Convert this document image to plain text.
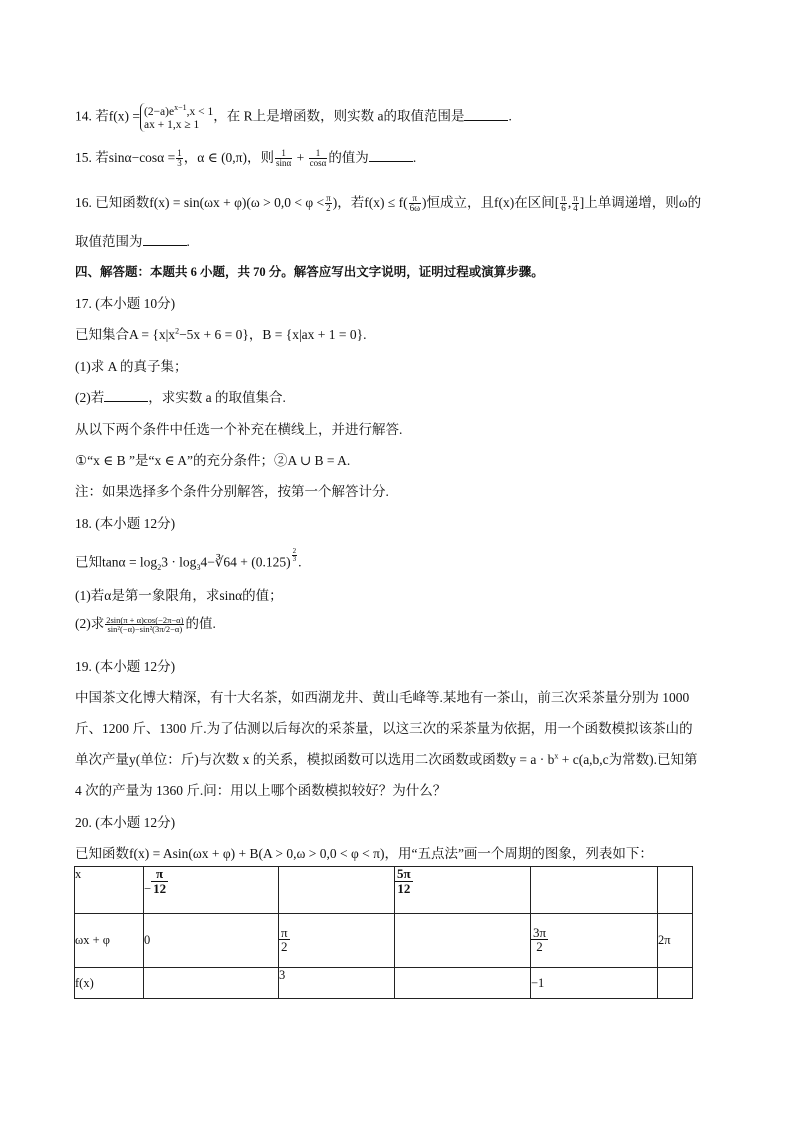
14. 若$f(x) = (2-a)e^{x-1},x < 1$
ax + 1,x ≥ 1
，在 R上是增函数，则实数 a的取值范围是	.
15. 若$\sin\alpha-\cos\alpha = \frac{1}{3}$ ，α ∈ (0,π)，则 $\frac{1}{\sin\alpha} + \frac{1}{\cos\alpha}$ 的值为	.
16. 已知函数$f(x) = \sin(\omega x + \varphi)(\omega > 0,0 < \varphi < \frac{\pi}{2}$ )，若$f(x) \le f( \frac{\pi}{6\omega}$ )恒成立，且f(x)在区间[ $\frac{\pi}{6}$ , $\frac{\pi}{4}$ ]上单调递增，则ω的
取值范围为	.
四、解答题：本题共 6 小题，共 70 分。解答应写出文字说明，证明过程或演算步骤。
17. (本小题 10分)
已知集合$A = \{x|x^2-5x + 6 = 0\}$，B = {x|ax + 1 = 0}.
(1)求 A 的真子集；
(2)若	，求实数 a 的取值集合.
从以下两个条件中任选一个补充在横线上，并进行解答.
①“x ∈ B ”是“x ∈ A”的充分条件；②A ∪ B = A.
注：如果选择多个条件分别解答，按第一个解答计分.
18. (本小题 12分)
已知$\tan\alpha = \log_23$ · $\log_34-∛64 + (0.125) \frac{2}{3}$ .
(1)若α是第一象限角，求sinα的值；
(2)求 $\frac{2\sin(\pi + \alpha)\cos(-2\pi-\alpha)}{\text{sin²(−α)−sin²(3π/2−α)}}$ 的值.
19. (本小题 12分)
中国茶文化博大精深，有十大名茶，如西湖龙井、黄山毛峰等.某地有一茶山，前三次采茶量分别为 1000
斤、1200 斤、1300 斤.为了估测以后每次的采茶量，以这三次的采茶量为依据，用一个函数模拟该茶山的
单次产量y(单位：斤)与次数 x 的关系，模拟函数可以选用二次函数或函数$y = a \cdot b^x + c(a,b,c$为常数).已知第
4 次的产量为 1360 斤.问：用以上哪个函数模拟较好？为什么？
20. (本小题 12分)
已知函数f(x) = Asin(ωx + φ) + B(A > 0,ω > 0,0 < φ < π)，用“五点法”画一个周期的图象，列表如下：
x	− $\frac{\pi}{12}$		$\frac{5\pi}{12}$

ωx + φ	0	$\frac{\pi}{2}$		$\frac{3\pi}{2}$	2π
f(x)		3		−1	
